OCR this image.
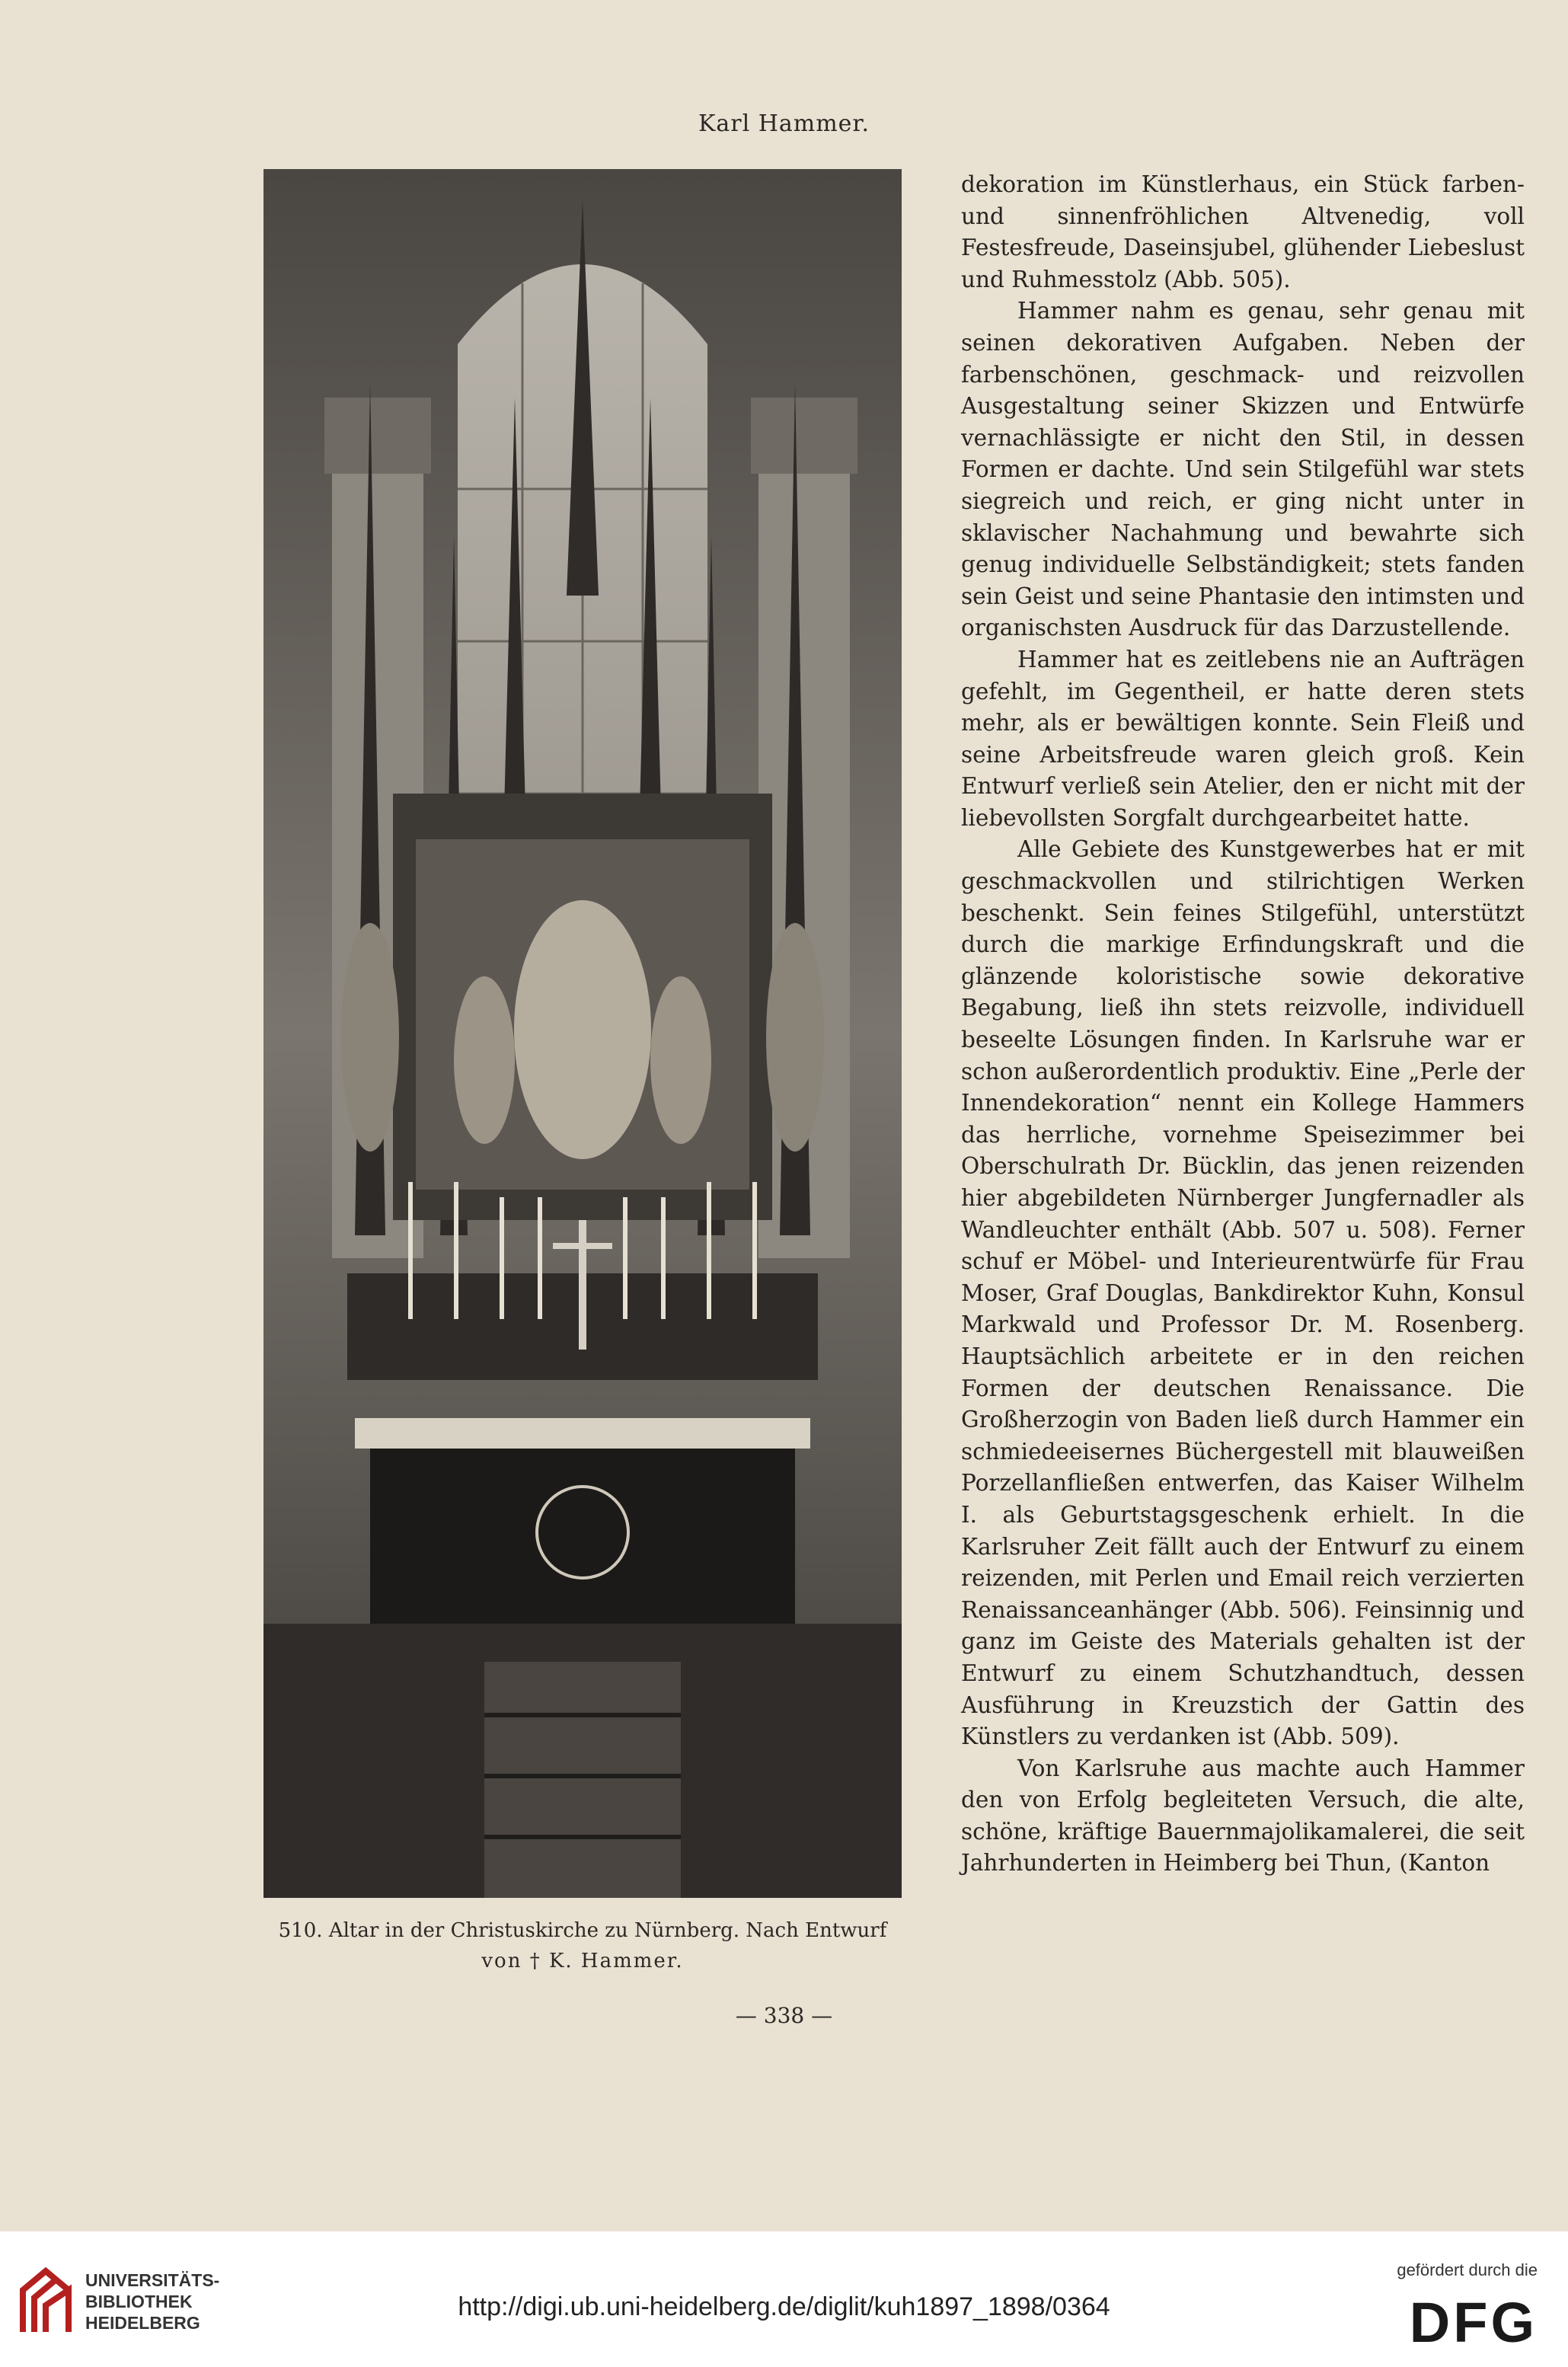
Karl Hammer.
510. Altar in der Christuskirche zu Nürnberg. Nach Entwurf
von † K. Hammer.

dekoration im Künstlerhaus, ein Stück farben- und sinnenfröhlichen Altvenedig, voll Festesfreude, Daseinsjubel, glühender Liebeslust und Ruhmesstolz (Abb. 505).

Hammer nahm es genau, sehr genau mit seinen dekorativen Aufgaben. Neben der farbenschönen, geschmack- und reizvollen Ausgestaltung seiner Skizzen und Entwürfe vernachlässigte er nicht den Stil, in dessen Formen er dachte. Und sein Stilgefühl war stets siegreich und reich, er ging nicht unter in sklavischer Nachahmung und bewahrte sich genug individuelle Selbständigkeit; stets fanden sein Geist und seine Phantasie den intimsten und organischsten Ausdruck für das Darzustellende.

Hammer hat es zeitlebens nie an Aufträgen gefehlt, im Gegentheil, er hatte deren stets mehr, als er bewältigen konnte. Sein Fleiß und seine Arbeitsfreude waren gleich groß. Kein Entwurf verließ sein Atelier, den er nicht mit der liebevollsten Sorgfalt durchgearbeitet hatte.

Alle Gebiete des Kunstgewerbes hat er mit geschmackvollen und stilrichtigen Werken beschenkt. Sein feines Stilgefühl, unterstützt durch die markige Erfindungskraft und die glänzende koloristische sowie dekorative Begabung, ließ ihn stets reizvolle, individuell beseelte Lösungen finden. In Karlsruhe war er schon außerordentlich produktiv. Eine „Perle der Innendekoration“ nennt ein Kollege Hammers das herrliche, vornehme Speisezimmer bei Oberschulrath Dr. Bücklin, das jenen reizenden hier abgebildeten Nürnberger Jungfernadler als Wandleuchter enthält (Abb. 507 u. 508). Ferner schuf er Möbel- und Interieurentwürfe für Frau Moser, Graf Douglas, Bankdirektor Kuhn, Konsul Markwald und Professor Dr. M. Rosenberg. Hauptsächlich arbeitete er in den reichen Formen der deutschen Renaissance. Die Großherzogin von Baden ließ durch Hammer ein schmiedeeisernes Büchergestell mit blauweißen Porzellanfließen entwerfen, das Kaiser Wilhelm I. als Geburtstagsgeschenk erhielt. In die Karlsruher Zeit fällt auch der Entwurf zu einem reizenden, mit Perlen und Email reich verzierten Renaissanceanhänger (Abb. 506). Feinsinnig und ganz im Geiste des Materials gehalten ist der Entwurf zu einem Schutzhandtuch, dessen Ausführung in Kreuzstich der Gattin des Künstlers zu verdanken ist (Abb. 509).

Von Karlsruhe aus machte auch Hammer den von Erfolg begleiteten Versuch, die alte, schöne, kräftige Bauernmajolikamalerei, die seit Jahrhunderten in Heimberg bei Thun, (Kanton

— 338 —
UNIVERSITÄTS-
BIBLIOTHEK
HEIDELBERG
http://digi.ub.uni-heidelberg.de/diglit/kuh1897_1898/0364
gefördert durch die
DFG
